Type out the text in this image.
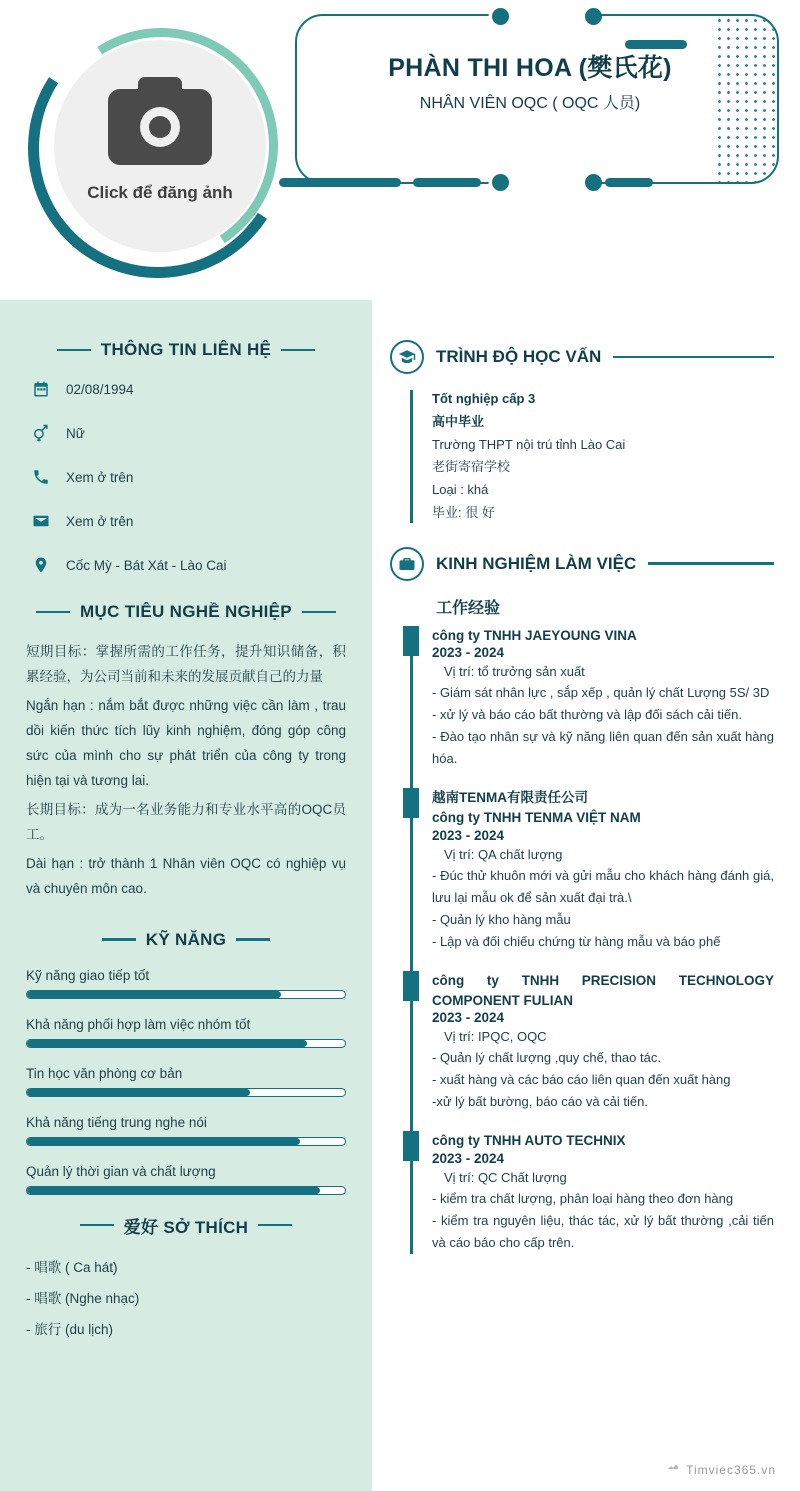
Click để đăng ảnh
PHÀN THI HOA (樊氏花)
NHÂN VIÊN OQC ( OQC 人员)
THÔNG TIN LIÊN HỆ
02/08/1994
Nữ
Xem ở trên
Xem ở trên
Cốc Mỳ - Bát Xát - Lào Cai
MỤC TIÊU NGHỀ NGHIỆP
短期目标：掌握所需的工作任务，提升知识储备，积累经验，为公司当前和未来的发展贡献自己的力量
Ngắn hạn : nắm bắt được những việc cần làm , trau dồi kiến thức tích lũy kinh nghiệm, đóng góp công sức của mình cho sự phát triển của công ty trong hiện tại và tương lai.
长期目标：成为一名业务能力和专业水平高的OQC员工。
Dài hạn : trở thành 1 Nhân viên OQC có nghiệp vụ và chuyên môn cao.
KỸ NĂNG
Kỹ năng giao tiếp tốt
Khả năng phối hợp làm việc nhóm tốt
Tin học văn phòng cơ bản
Khả năng tiếng trung nghe nói
Quản lý thời gian và chất lượng
爱好 SỞ THÍCH
- 唱歌 ( Ca hát)
- 唱歌 (Nghe nhạc)
- 旅行 (du lịch)
TRÌNH ĐỘ HỌC VẤN
Tốt nghiệp cấp 3
高中毕业
Trường THPT nội trú tỉnh Lào Cai
老街寄宿学校
Loại : khá
毕业: 很 好
KINH NGHIỆM LÀM VIỆC
工作经验
công ty TNHH JAEYOUNG VINA
2023 - 2024
Vị trí: tổ trưởng sản xuất
- Giám sát nhân lực , sắp xếp , quản lý chất Lượng 5S/ 3D
- xử lý và báo cáo bất thường và lập đối sách cải tiến.
- Đào tạo nhân sự và kỹ năng liên quan đến sản xuất hàng hóa.
越南TENMA有限责任公司
công ty TNHH TENMA VIỆT NAM
2023 - 2024
Vị trí: QA chất lượng
- Đúc thử khuôn mới và gửi mẫu cho khách hàng đánh giá, lưu lại mẫu ok để sản xuất đại trà.\
- Quản lý kho hàng mẫu
- Lập và đối chiếu chứng từ hàng mẫu và báo phế
công ty TNHH PRECISION TECHNOLOGY COMPONENT FULIAN
2023 - 2024
Vị trí: IPQC, OQC
- Quản lý chất lượng ,quy chế, thao tác.
- xuất hàng và các báo cáo liên quan đến xuất hàng
-xử lý bất bường, báo cáo và cải tiến.
công ty TNHH AUTO TECHNIX
2023 - 2024
Vị trí: QC Chất lượng
- kiểm tra chất lượng, phân loại hàng theo đơn hàng
- kiểm tra nguyên liệu, thác tác, xử lý bất thường ,cải tiến và cáo báo cho cấp trên.
Timviec365.vn
